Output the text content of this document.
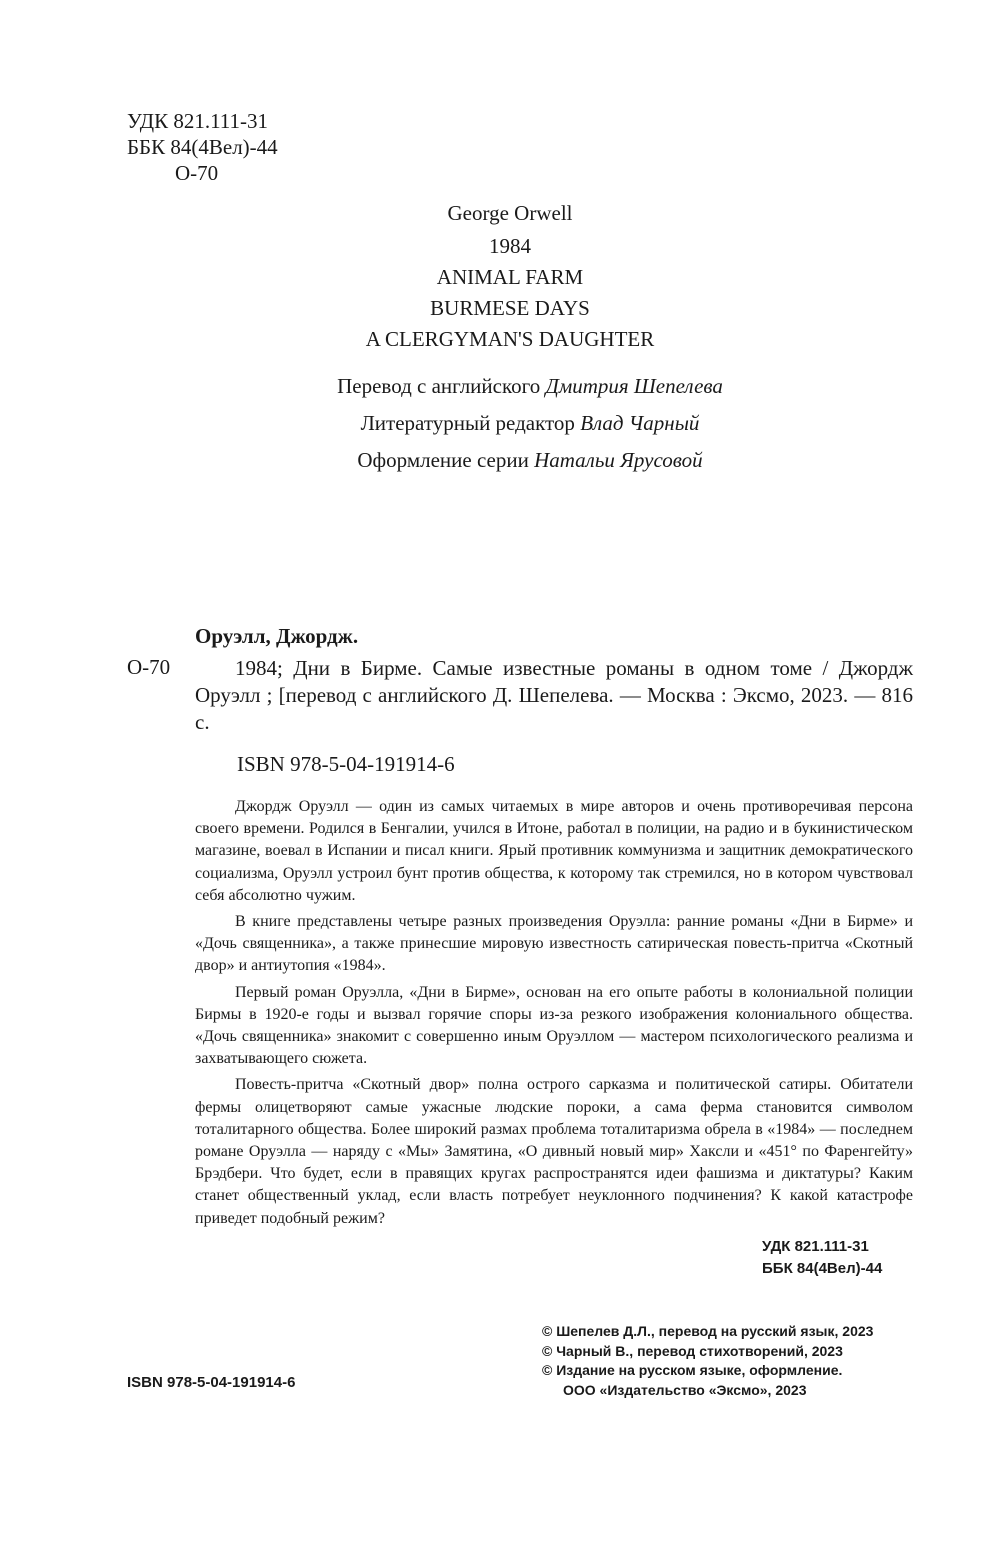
УДК 821.111-31
ББК 84(4Вел)-44
О-70
George Orwell
1984
ANIMAL FARM
BURMESE DAYS
A CLERGYMAN'S DAUGHTER
Перевод с английского Дмитрия Шепелева
Литературный редактор Влад Чарный
Оформление серии Натальи Ярусовой
Оруэлл, Джордж.
О-70	1984; Дни в Бирме. Самые известные романы в одном томе / Джордж Оруэлл ; [перевод с английского Д. Шепелева. — Москва : Эксмо, 2023. — 816 с.
ISBN 978-5-04-191914-6

Джордж Оруэлл — один из самых читаемых в мире авторов и очень противоречивая персона своего времени. Родился в Бенгалии, учился в Итоне, работал в полиции, на радио и в букинистическом магазине, воевал в Испании и писал книги. Ярый противник коммунизма и защитник демократического социализма, Оруэлл устроил бунт против общества, к которому так стремился, но в котором чувствовал себя абсолютно чужим.

В книге представлены четыре разных произведения Оруэлла: ранние романы «Дни в Бирме» и «Дочь священника», а также принесшие мировую известность сатирическая повесть-притча «Скотный двор» и антиутопия «1984».

Первый роман Оруэлла, «Дни в Бирме», основан на его опыте работы в колониальной полиции Бирмы в 1920-е годы и вызвал горячие споры из-за резкого изображения колониального общества. «Дочь священника» знакомит с совершенно иным Оруэллом — мастером психологического реализма и захватывающего сюжета.

Повесть-притча «Скотный двор» полна острого сарказма и политической сатиры. Обитатели фермы олицетворяют самые ужасные людские пороки, а сама ферма становится символом тоталитарного общества. Более широкий размах проблема тоталитаризма обрела в «1984» — последнем романе Оруэлла — наряду с «Мы» Замятина, «О дивный новый мир» Хаксли и «451° по Фаренгейту» Брэдбери. Что будет, если в правящих кругах распространятся идеи фашизма и диктатуры? Каким станет общественный уклад, если власть потребует неуклонного подчинения? К какой катастрофе приведет подобный режим?

УДК 821.111-31
ББК 84(4Вел)-44
© Шепелев Д.Л., перевод на русский язык, 2023
© Чарный В., перевод стихотворений, 2023
© Издание на русском языке, оформление.
ООО «Издательство «Эксмо», 2023
ISBN 978-5-04-191914-6
